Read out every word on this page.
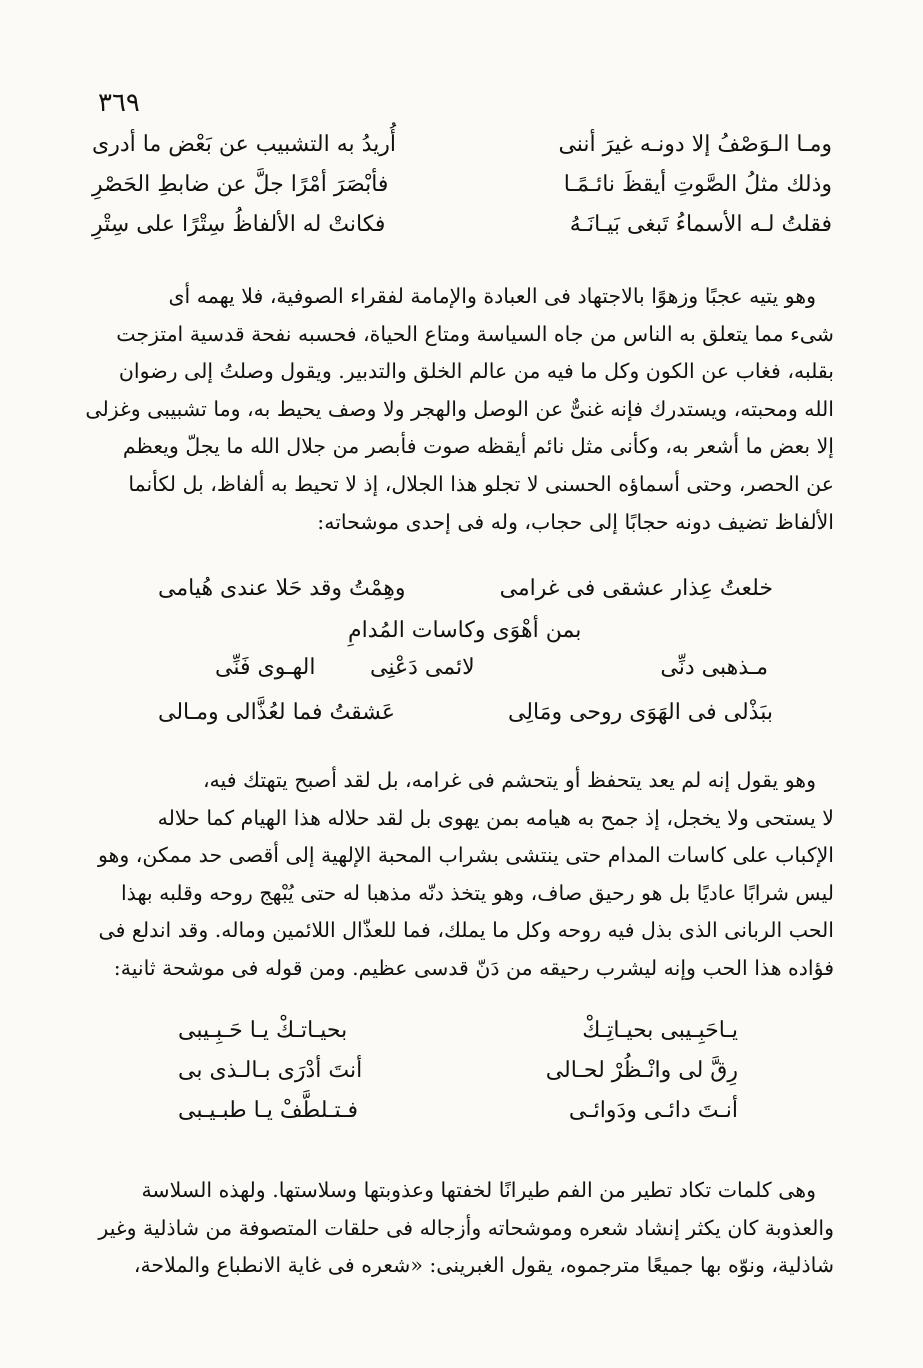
٣٦٩
ومـا الـوَصْفُ إلا دونـه غيرَ أننى
أُريدُ به التشبيب عن بَعْض ما أدرى
وذلك مثلُ الصَّوتِ أيقظَ نائـمًـا
فأبْصَرَ أمْرًا جلَّ عن ضابطِ الحَصْرِ
فقلتُ لـه الأسماءُ تَبغى بَيـانَـهُ
فكانتْ له الألفاظُ سِتْرًا على سِتْرِ
وهو يتيه عجبًا وزهوًا بالاجتهاد فى العبادة والإمامة لفقراء الصوفية، فلا يهمه أى
شىء مما يتعلق به الناس من جاه السياسة ومتاع الحياة، فحسبه نفحة قدسية امتزجت
بقلبه، فغاب عن الكون وكل ما فيه من عالم الخلق والتدبير. ويقول وصلتُ إلى رضوان
الله ومحبته، ويستدرك فإنه غنىٌّ عن الوصل والهجر ولا وصف يحيط به، وما تشبيبى وغزلى
إلا بعض ما أشعر به، وكأنى مثل نائم أيقظه صوت فأبصر من جلال الله ما يجلّ ويعظم
عن الحصر، وحتى أسماؤه الحسنى لا تجلو هذا الجلال، إذ لا تحيط به ألفاظ، بل لكأنما
الألفاظ تضيف دونه حجابًا إلى حجاب، وله فى إحدى موشحاته:
خلعتُ عِذار عشقى فى غرامى
وهِمْتُ وقد حَلا عندى هُيامى
بمن أهْوَى وكاسات المُدامِ
مـذهبى دنِّى
لائمى دَعْنِى
الهـوى فَنِّى
ببَذْلى فى الهَوَى روحى ومَالِى
عَشقتُ فما لعُذَّالى ومـالى
وهو يقول إنه لم يعد يتحفظ أو يتحشم فى غرامه، بل لقد أصبح يتهتك فيه،
لا يستحى ولا يخجل، إذ جمح به هيامه بمن يهوى بل لقد حلاله هذا الهيام كما حلاله
الإكباب على كاسات المدام حتى ينتشى بشراب المحبة الإلهية إلى أقصى حد ممكن، وهو
ليس شرابًا عاديًا بل هو رحيق صاف، وهو يتخذ دنّه مذهبا له حتى يُبْهج روحه وقلبه بهذا
الحب الربانى الذى بذل فيه روحه وكل ما يملك، فما للعذّال اللائمين وماله. وقد اندلع فى
فؤاده هذا الحب وإنه ليشرب رحيقه من دَنّ قدسى عظيم. ومن قوله فى موشحة ثانية:
يـاحَبِـيبى بحيـاتِـكْ
بحيـاتـكْ يـا حَـبِـيبى
رِقَّ لى وانْـظُرْ لحـالى
أنتَ أدْرَى بـالـذى بى
أنـتَ دائـى ودَوائـى
فـتـلطَّفْ يـا طبـيـبى
وهى كلمات تكاد تطير من الفم طيرانًا لخفتها وعذوبتها وسلاستها. ولهذه السلاسة
والعذوبة كان يكثر إنشاد شعره وموشحاته وأزجاله فى حلقات المتصوفة من شاذلية وغير
شاذلية، ونوّه بها جميعًا مترجموه، يقول الغبرينى: «شعره فى غاية الانطباع والملاحة،
